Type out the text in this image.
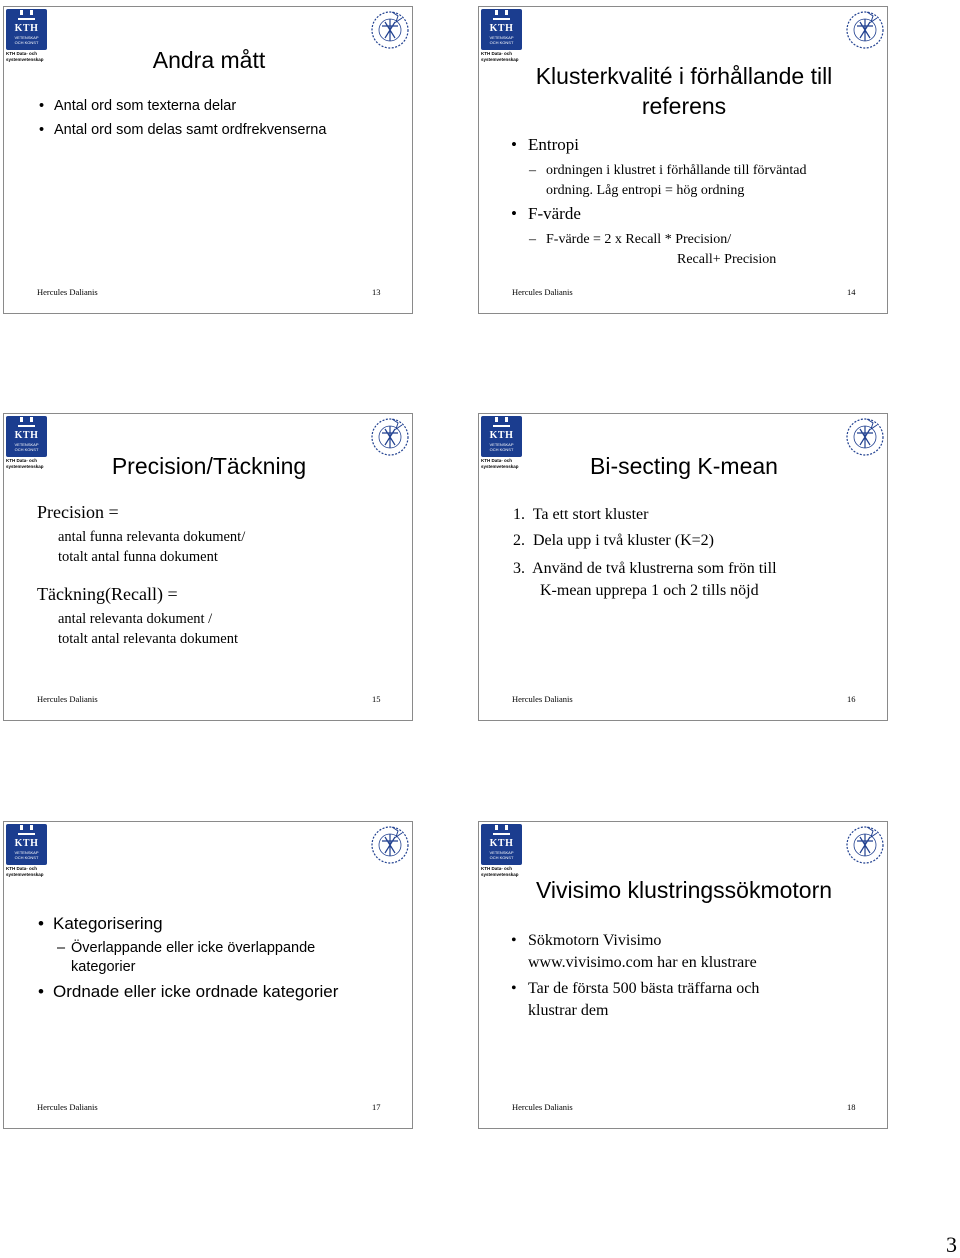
KTH
VETENSKAP
OCH KONST
KTH Data- och
systemvetenskap	Andra mått
• Antal ord som texterna delar
• Antal ord som delas samt ordfrekvenserna
Hercules Dalianis	13
KTH
VETENSKAP
OCH KONST
KTH Data- och
systemvetenskap
Klusterkvalité i förhållande till
referens
• Entropi
– ordningen i klustret i förhållande till förväntad
ordning. Låg entropi = hög ordning
• F-värde
– F-värde = 2 x Recall * Precision/
Recall+ Precision
Hercules Dalianis	14
KTH
VETENSKAP
OCH KONST
KTH Data- och
systemvetenskap	Precision/Täckning
Precision =
antal funna relevanta dokument/
totalt antal funna dokument
Täckning(Recall) =
antal relevanta dokument /
totalt antal relevanta dokument
Hercules Dalianis	15
KTH
VETENSKAP
OCH KONST
KTH Data- och
systemvetenskap	Bi-secting K-mean
1. Ta ett stort kluster
2. Dela upp i två kluster (K=2)
3. Använd de två klustrerna som frön till
K-mean upprepa 1 och 2 tills nöjd
Hercules Dalianis	16
KTH
VETENSKAP
OCH KONST
KTH Data- och
systemvetenskap
• Kategorisering
– Överlappande eller icke överlappande
kategorier
• Ordnade eller icke ordnade kategorier
Hercules Dalianis	17
KTH
VETENSKAP
OCH KONST
KTH Data- och
systemvetenskap
Vivisimo klustringssökmotorn
• Sökmotorn Vivisimo
www.vivisimo.com har en klustrare
• Tar de första 500 bästa träffarna och
klustrar dem
Hercules Dalianis	18
3
